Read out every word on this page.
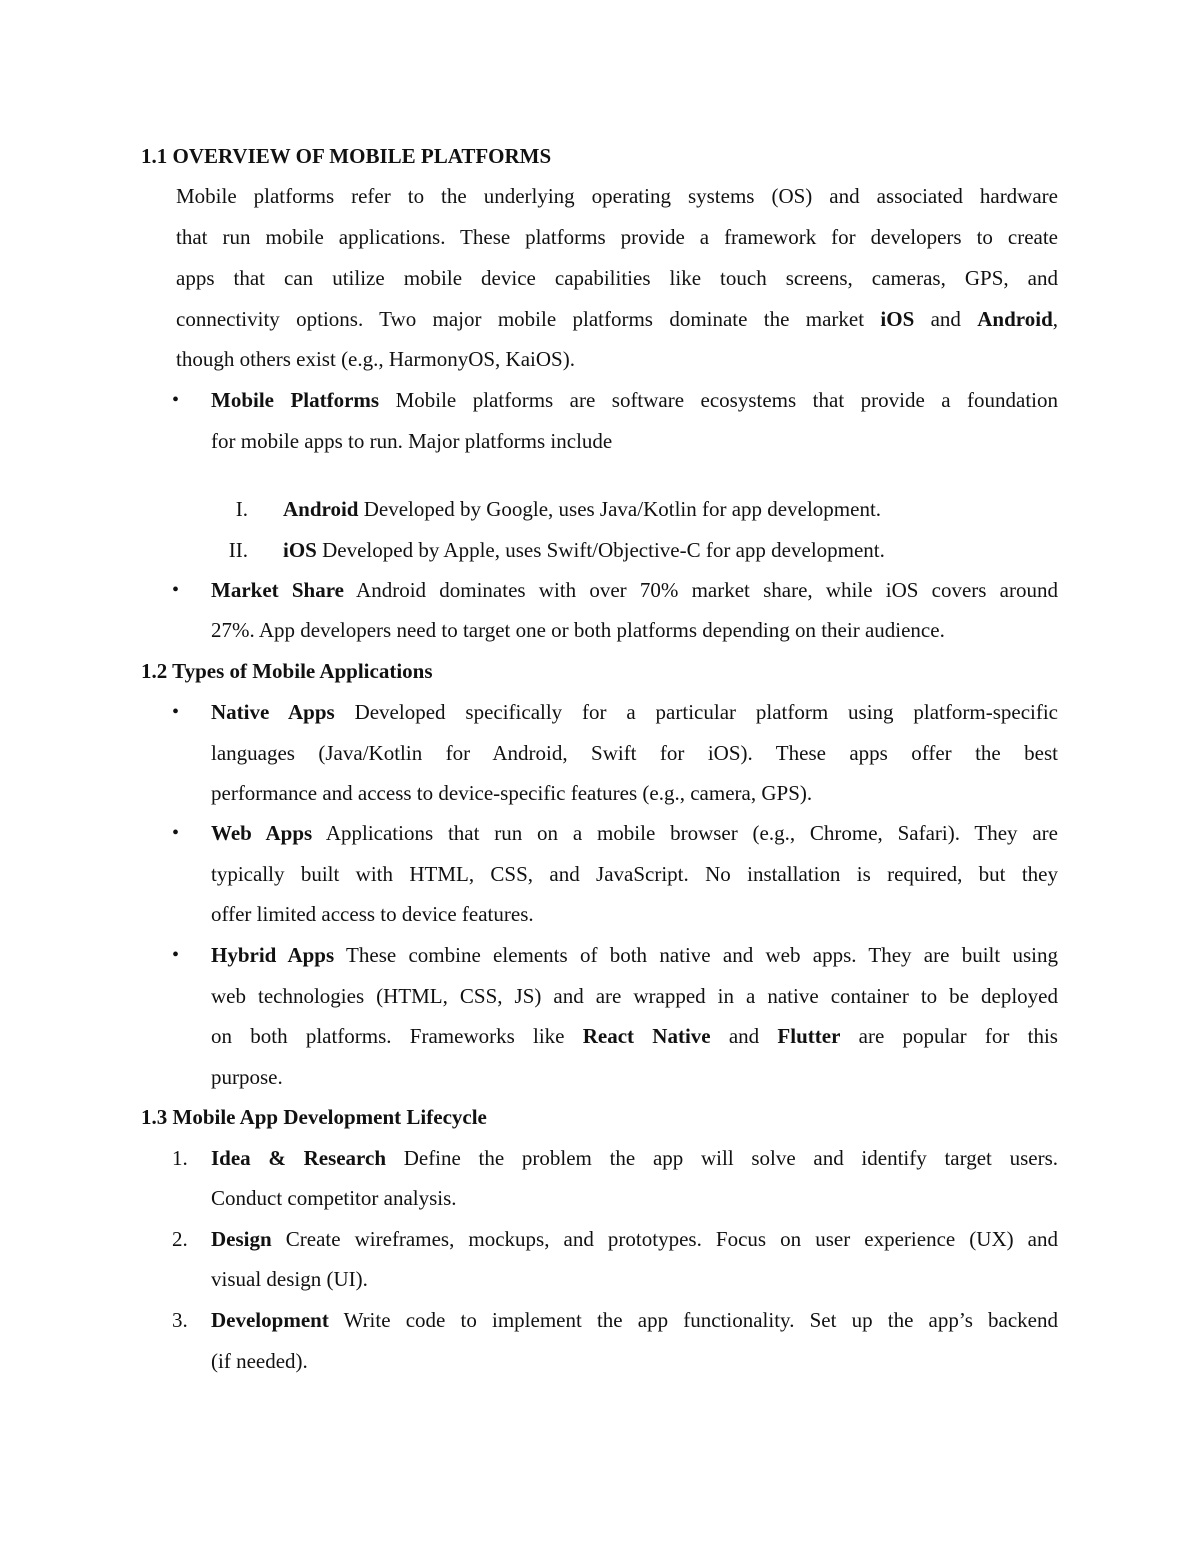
1.1 OVERVIEW OF MOBILE PLATFORMS
Mobile platforms refer to the underlying operating systems (OS) and associated hardware
that run mobile applications. These platforms provide a framework for developers to create
apps that can utilize mobile device capabilities like touch screens, cameras, GPS, and
connectivity options. Two major mobile platforms dominate the market iOS and Android,
though others exist (e.g., HarmonyOS, KaiOS).
• Mobile Platforms Mobile platforms are software ecosystems that provide a foundation
for mobile apps to run. Major platforms include
I. Android Developed by Google, uses Java/Kotlin for app development.
II. iOS Developed by Apple, uses Swift/Objective-C for app development.
• Market Share Android dominates with over 70% market share, while iOS covers around
27%. App developers need to target one or both platforms depending on their audience.
1.2 Types of Mobile Applications
• Native Apps Developed specifically for a particular platform using platform-specific
languages (Java/Kotlin for Android, Swift for iOS). These apps offer the best
performance and access to device-specific features (e.g., camera, GPS).
• Web Apps Applications that run on a mobile browser (e.g., Chrome, Safari). They are
typically built with HTML, CSS, and JavaScript. No installation is required, but they
offer limited access to device features.
• Hybrid Apps These combine elements of both native and web apps. They are built using
web technologies (HTML, CSS, JS) and are wrapped in a native container to be deployed
on both platforms. Frameworks like React Native and Flutter are popular for this
purpose.
1.3 Mobile App Development Lifecycle
1. Idea & Research Define the problem the app will solve and identify target users.
Conduct competitor analysis.
2. Design Create wireframes, mockups, and prototypes. Focus on user experience (UX) and
visual design (UI).
3. Development Write code to implement the app functionality. Set up the app’s backend
(if needed).
